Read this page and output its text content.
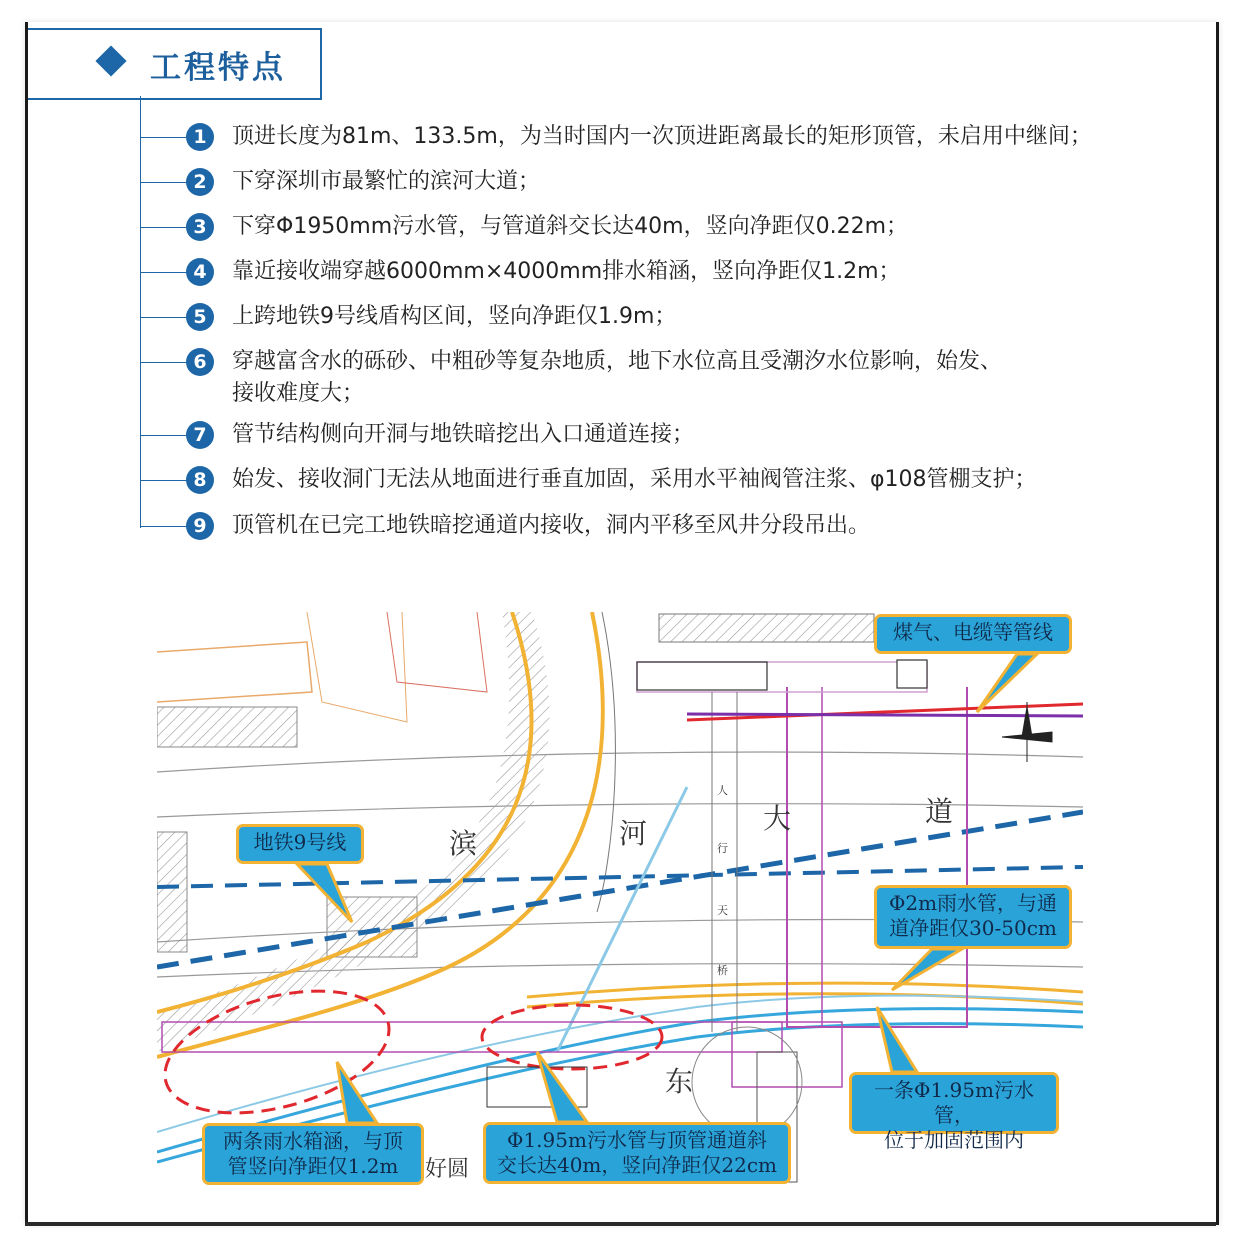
工程特点
1	顶进长度为81m、133.5m，为当时国内一次顶进距离最长的矩形顶管，未启用中继间；
2	下穿深圳市最繁忙的滨河大道；
3	下穿Φ1950mm污水管，与管道斜交长达40m，竖向净距仅0.22m；
4	靠近接收端穿越6000mm×4000mm排水箱涵，竖向净距仅1.2m；
5	上跨地铁9号线盾构区间，竖向净距仅1.9m；
6	穿越富含水的砾砂、中粗砂等复杂地质，地下水位高且受潮汐水位影响，始发、
接收难度大；
7	管节结构侧向开洞与地铁暗挖出入口通道连接；
8	始发、接收洞门无法从地面进行垂直加固，采用水平袖阀管注浆、φ108管棚支护；
9	顶管机在已完工地铁暗挖通道内接收，洞内平移至风井分段吊出。
滨	河	大	道
东
好圆
人
行
天
桥
煤气、电缆等管线
地铁9号线
Φ2m雨水管，与通
道净距仅30-50cm
一条Φ1.95m污水管，
位于加固范围内
两条雨水箱涵，与顶
管竖向净距仅1.2m
Φ1.95m污水管与顶管通道斜
交长达40m，竖向净距仅22cm
